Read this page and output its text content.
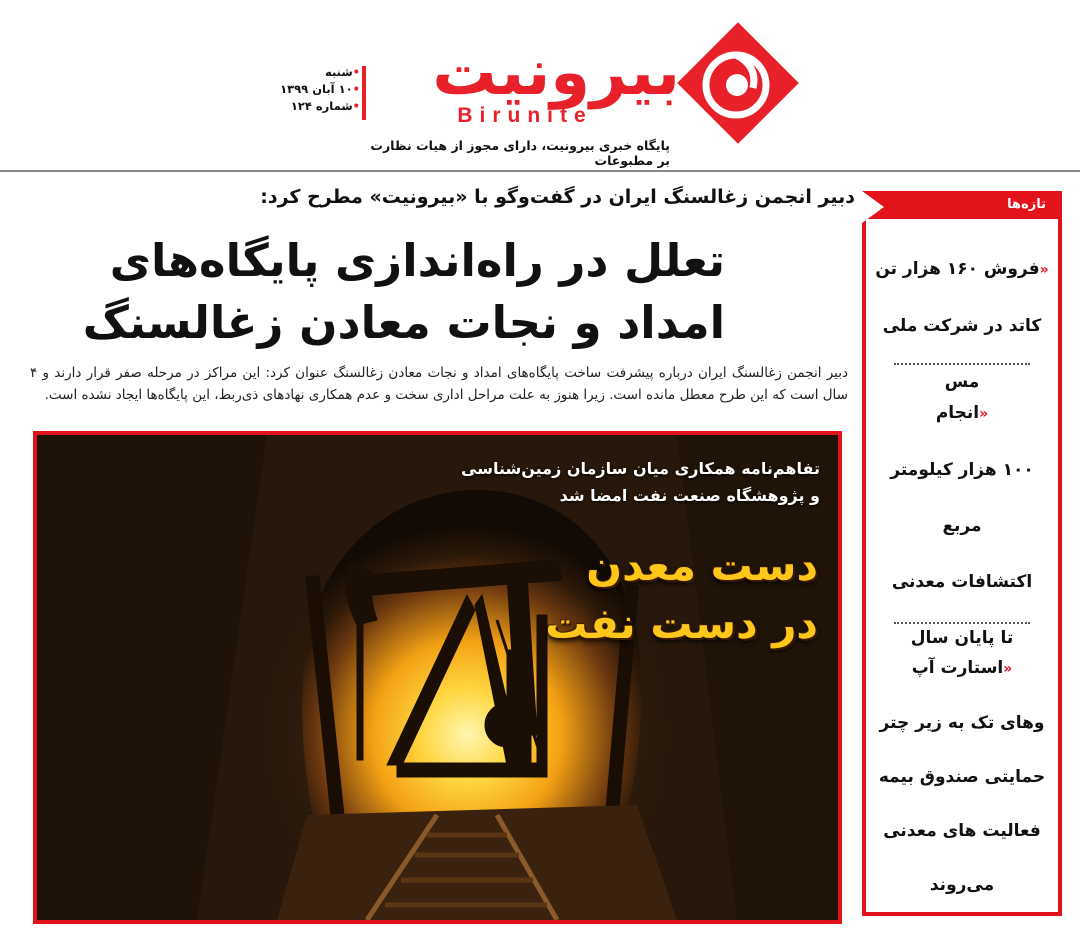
بیرونیت
Birunite
پایگاه خبری بیرونیت، دارای مجوز از هیات نظارت بر مطبوعات
•شنبه
•۱۰ آبان ۱۳۹۹
•شماره ۱۲۴
دبیر انجمن زغالسنگ ایران در گفت‌وگو با «بیرونیت» مطرح کرد:
تعلل در راه‌اندازی پایگاه‌های
امداد و نجات معادن زغالسنگ
دبیر انجمن زغالسنگ ایران درباره پیشرفت ساخت پایگاه‌های امداد و نجات معادن زغالسنگ عنوان کرد: این مراکز در مرحله صفر قرار دارند و ۴ سال است که این طرح معطل مانده است. زیرا هنوز به علت مراحل اداری سخت و عدم همکاری نهادهای ذی‌ربط، این پایگاه‌ها ایجاد نشده است.
تفاهم‌نامه همکاری میان سازمان زمین‌شناسی
و پژوهشگاه صنعت نفت امضا شد
دست معدن
در دست نفت
تازه‌ها
«فروش ۱۶۰ هزار تن
کاتد در شرکت ملی مس
«انجام
۱۰۰ هزار کیلومتر مربع
اکتشافات معدنی
تا پایان سال
«استارت آپ
وهای تک به زیر چتر
حمایتی صندوق بیمه
فعالیت های معدنی
می‌روند
